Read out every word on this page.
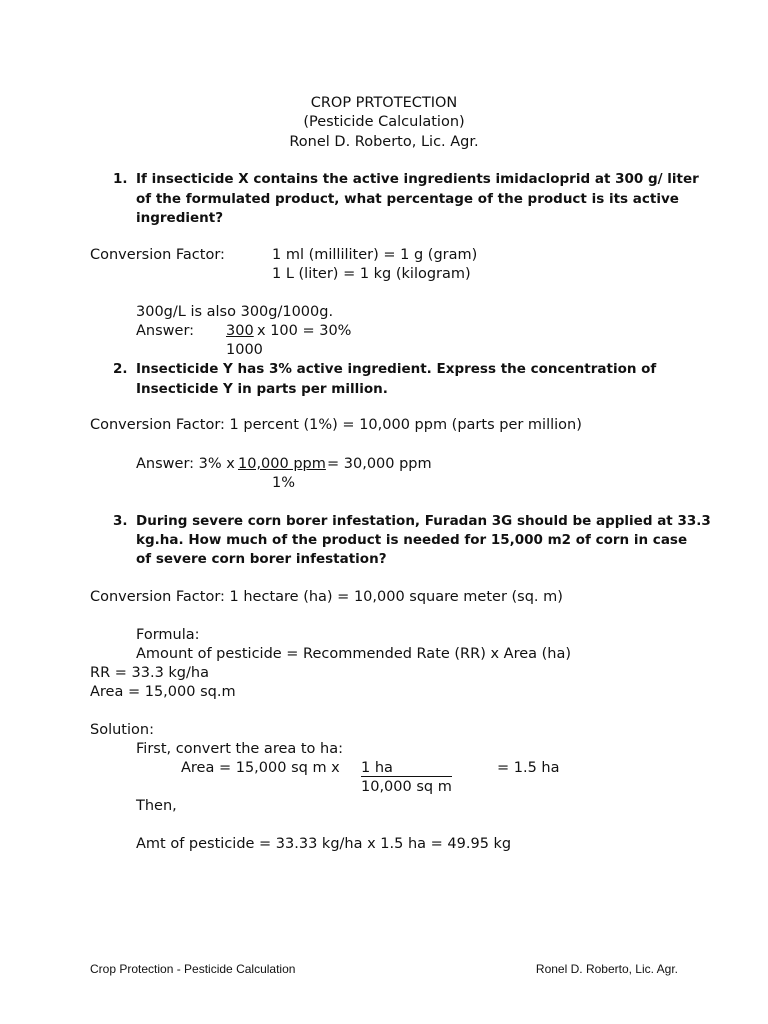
CROP PRTOTECTION
(Pesticide Calculation)
Ronel D. Roberto, Lic. Agr.
1. If insecticide X contains the active ingredients imidacloprid at 300 g/ liter
of the formulated product, what percentage of the product is its active
ingredient?
Conversion Factor:	1 ml (milliliter) = 1 g (gram)
1 L (liter) = 1 kg (kilogram)
300g/L is also 300g/1000g.
Answer: 300 x 100 = 30%
1000
2. Insecticide Y has 3% active ingredient. Express the concentration of
Insecticide Y in parts per million.
Conversion Factor: 1 percent (1%) = 10,000 ppm (parts per million)
Answer: 3% x 10,000 ppm = 30,000 ppm
1%
3. During severe corn borer infestation, Furadan 3G should be applied at 33.3
kg.ha. How much of the product is needed for 15,000 m2 of corn in case
of severe corn borer infestation?
Conversion Factor: 1 hectare (ha) = 10,000 square meter (sq. m)
Formula:
Amount of pesticide = Recommended Rate (RR) x Area (ha)
RR = 33.3 kg/ha
Area = 15,000 sq.m
Solution:
First, convert the area to ha:
Area = 15,000 sq m x 1 ha	= 1.5 ha
10,000 sq m
Then,
Amt of pesticide = 33.33 kg/ha x 1.5 ha = 49.95 kg
Crop Protection - Pesticide Calculation	Ronel D. Roberto, Lic. Agr.
